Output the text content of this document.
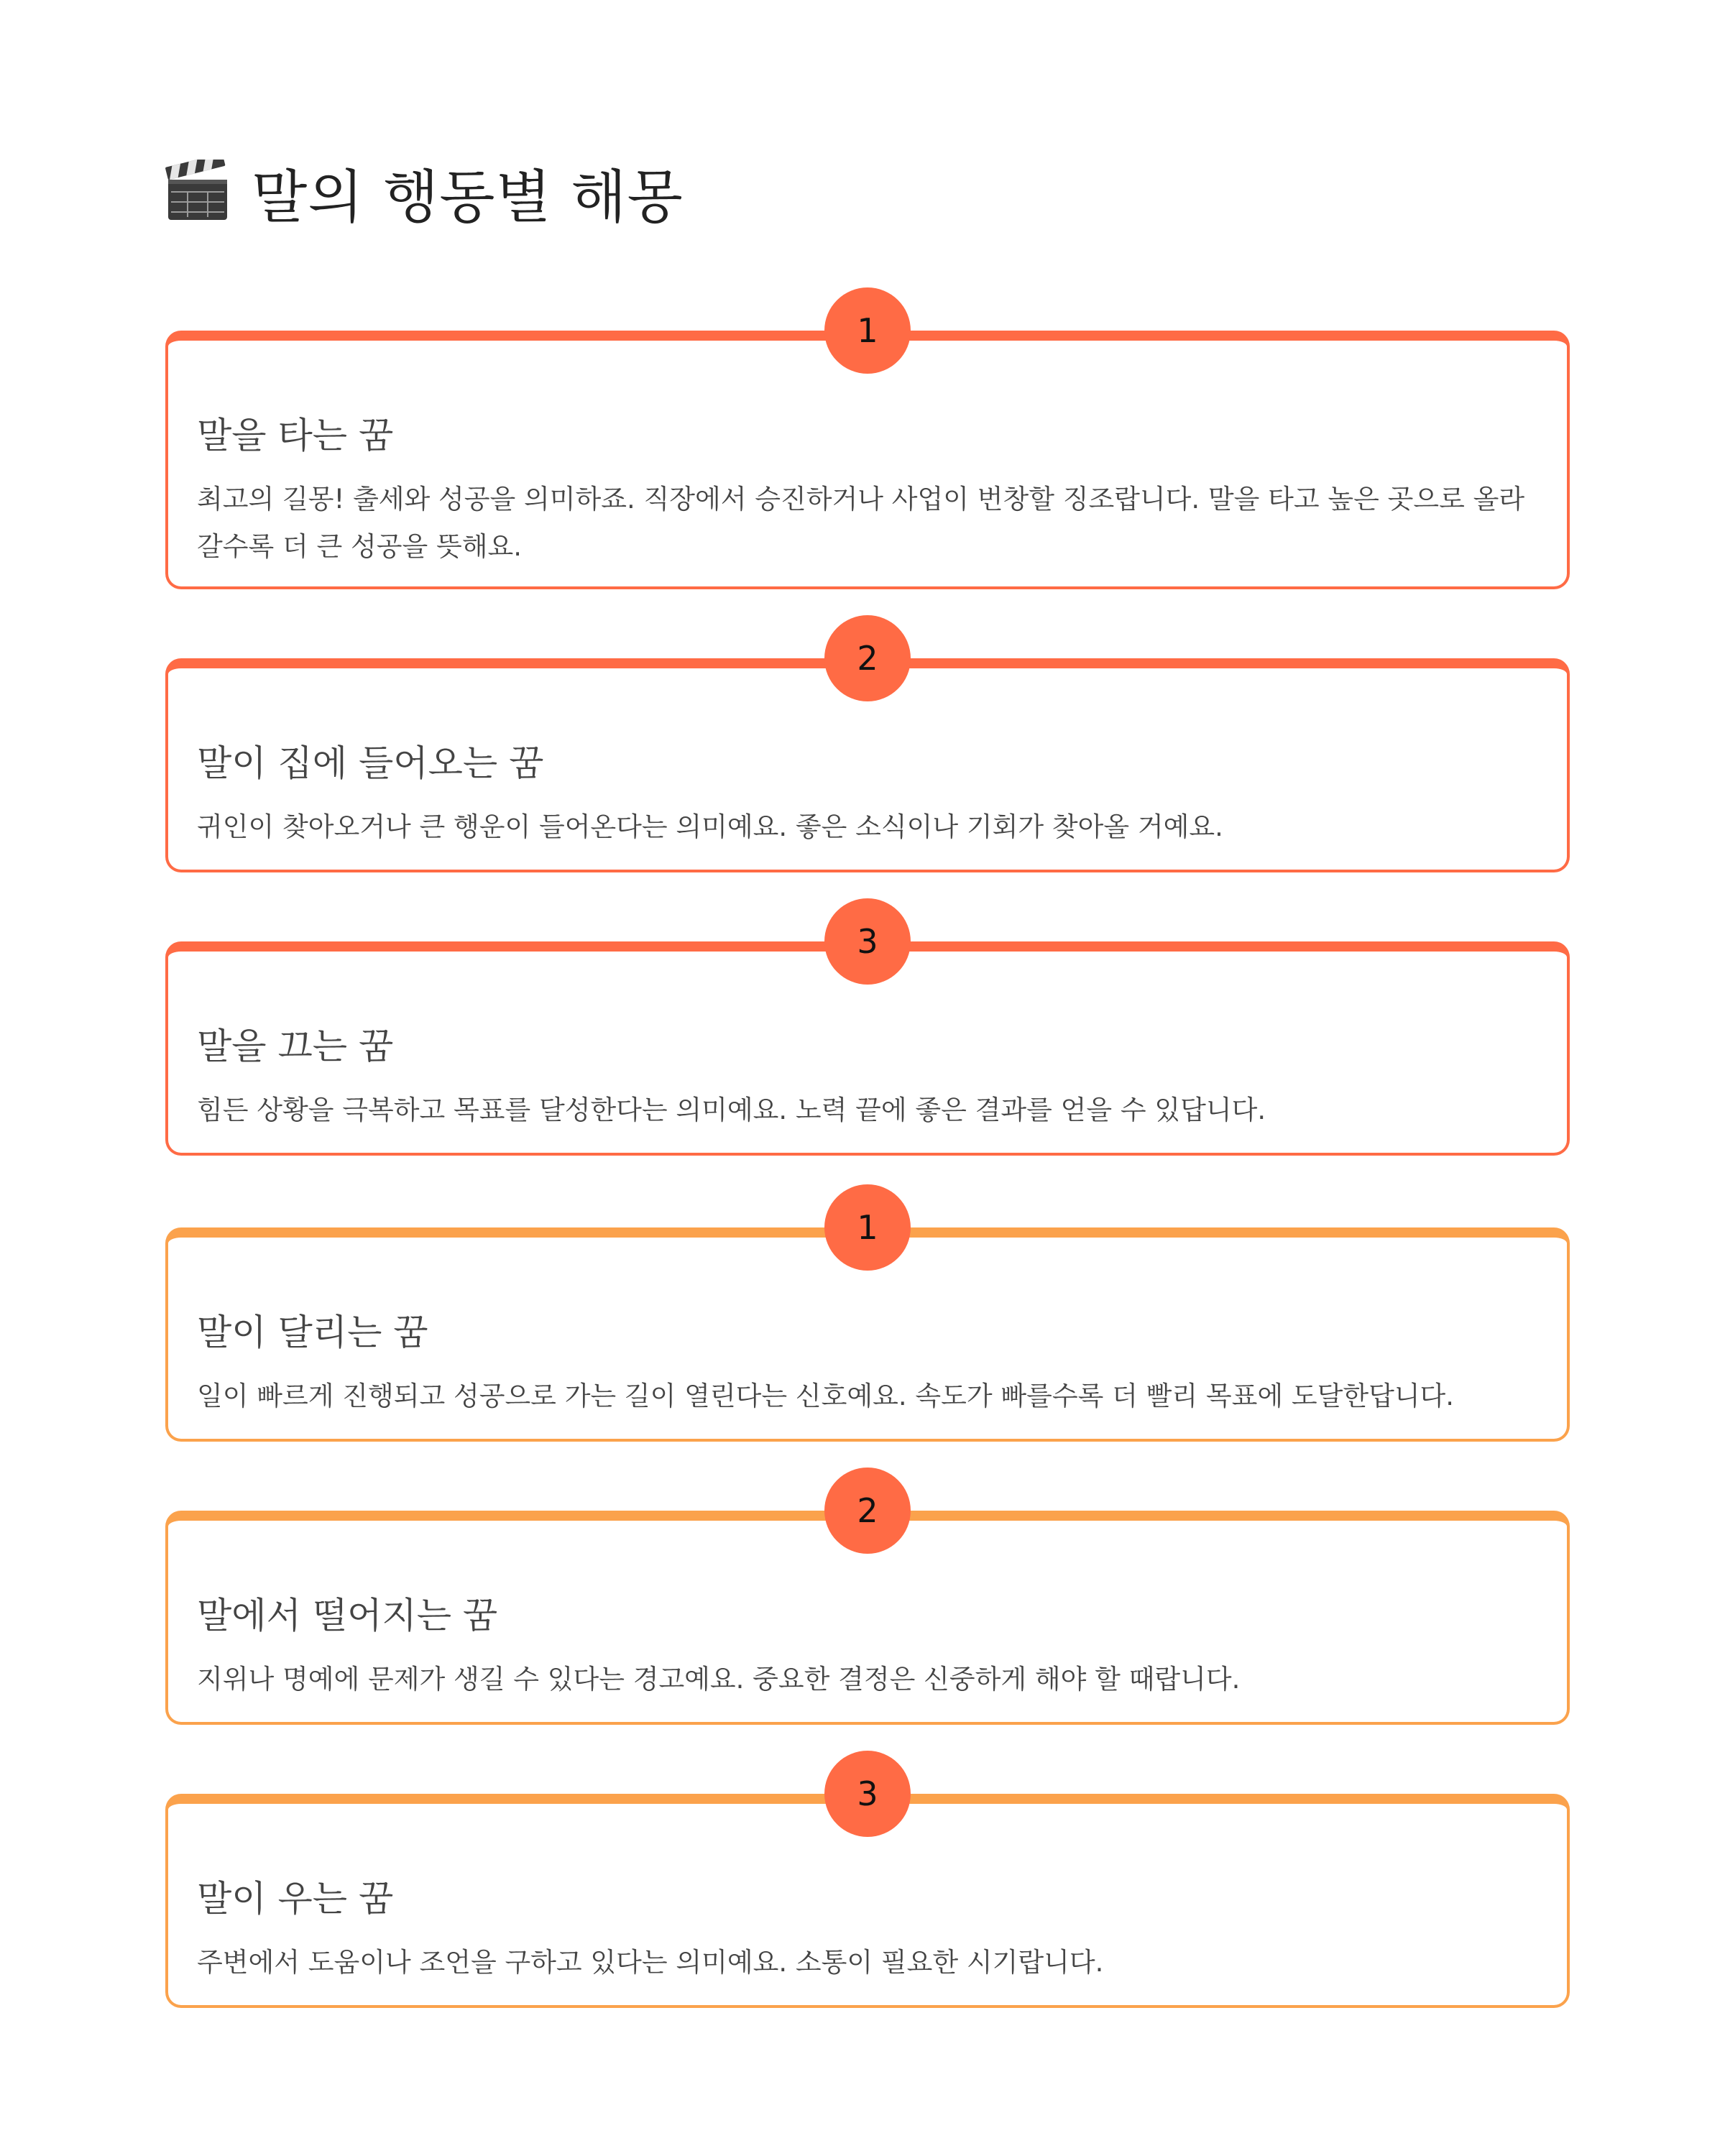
말의 행동별 해몽
1
말을 타는 꿈
최고의 길몽! 출세와 성공을 의미하죠. 직장에서 승진하거나 사업이 번창할 징조랍니다. 말을 타고 높은 곳으로 올라갈수록 더 큰 성공을 뜻해요.
2
말이 집에 들어오는 꿈
귀인이 찾아오거나 큰 행운이 들어온다는 의미예요. 좋은 소식이나 기회가 찾아올 거예요.
3
말을 끄는 꿈
힘든 상황을 극복하고 목표를 달성한다는 의미예요. 노력 끝에 좋은 결과를 얻을 수 있답니다.
1
말이 달리는 꿈
일이 빠르게 진행되고 성공으로 가는 길이 열린다는 신호예요. 속도가 빠를수록 더 빨리 목표에 도달한답니다.
2
말에서 떨어지는 꿈
지위나 명예에 문제가 생길 수 있다는 경고예요. 중요한 결정은 신중하게 해야 할 때랍니다.
3
말이 우는 꿈
주변에서 도움이나 조언을 구하고 있다는 의미예요. 소통이 필요한 시기랍니다.
